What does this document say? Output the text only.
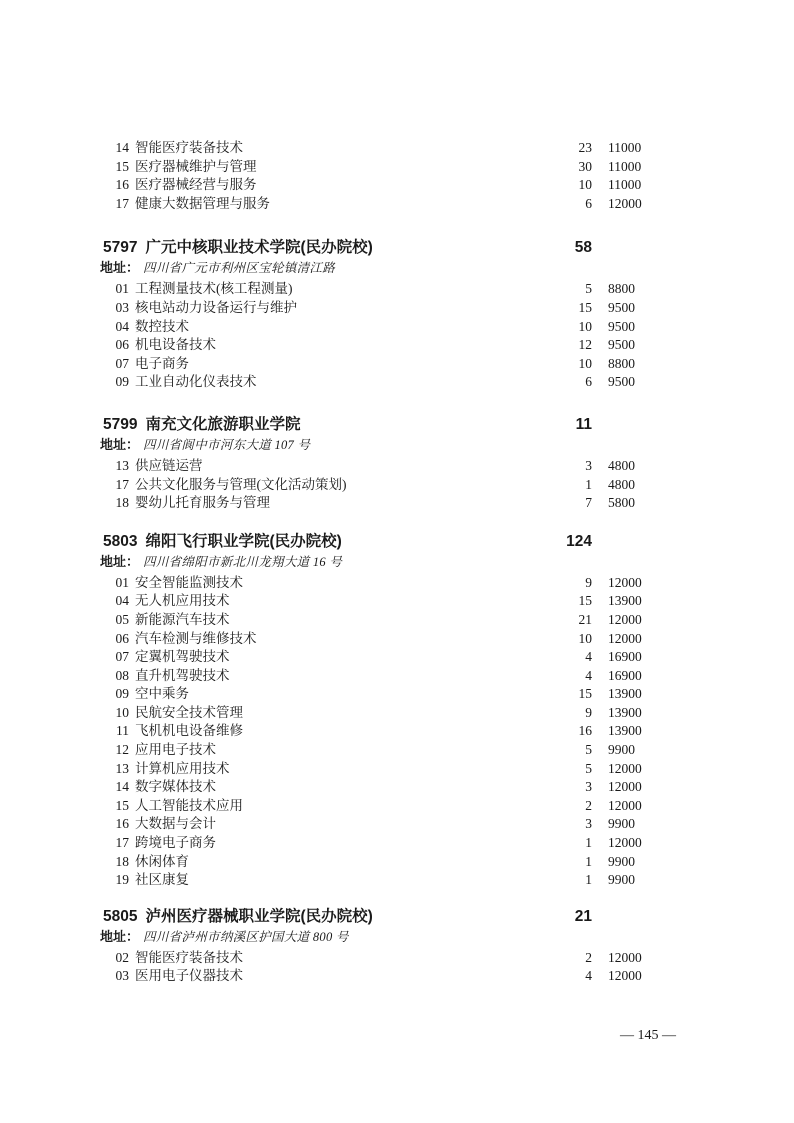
14 智能医疗装备技术	23 11000
15 医疗器械维护与管理	30 11000
16 医疗器械经营与服务	10 11000
17 健康大数据管理与服务	6 12000
5797 广元中核职业技术学院(民办院校)	58
地址： 四川省广元市利州区宝轮镇清江路
01 工程测量技术(核工程测量)	5 8800
03 核电站动力设备运行与维护	15 9500
04 数控技术	10 9500
06 机电设备技术	12 9500
07 电子商务	10 8800
09 工业自动化仪表技术	6 9500
5799 南充文化旅游职业学院	11
地址： 四川省阆中市河东大道 107 号
13 供应链运营	3 4800
17 公共文化服务与管理(文化活动策划)	1 4800
18 婴幼儿托育服务与管理	7 5800
5803 绵阳飞行职业学院(民办院校)	124
地址： 四川省绵阳市新北川龙翔大道 16 号
01 安全智能监测技术	9 12000
04 无人机应用技术	15 13900
05 新能源汽车技术	21 12000
06 汽车检测与维修技术	10 12000
07 定翼机驾驶技术	4 16900
08 直升机驾驶技术	4 16900
09 空中乘务	15 13900
10 民航安全技术管理	9 13900
11 飞机机电设备维修	16 13900
12 应用电子技术	5 9900
13 计算机应用技术	5 12000
14 数字媒体技术	3 12000
15 人工智能技术应用	2 12000
16 大数据与会计	3 9900
17 跨境电子商务	1 12000
18 休闲体育	1 9900
19 社区康复	1 9900
5805 泸州医疗器械职业学院(民办院校)	21
地址： 四川省泸州市纳溪区护国大道 800 号
02 智能医疗装备技术	2 12000
03 医用电子仪器技术	4 12000
— 145 —
